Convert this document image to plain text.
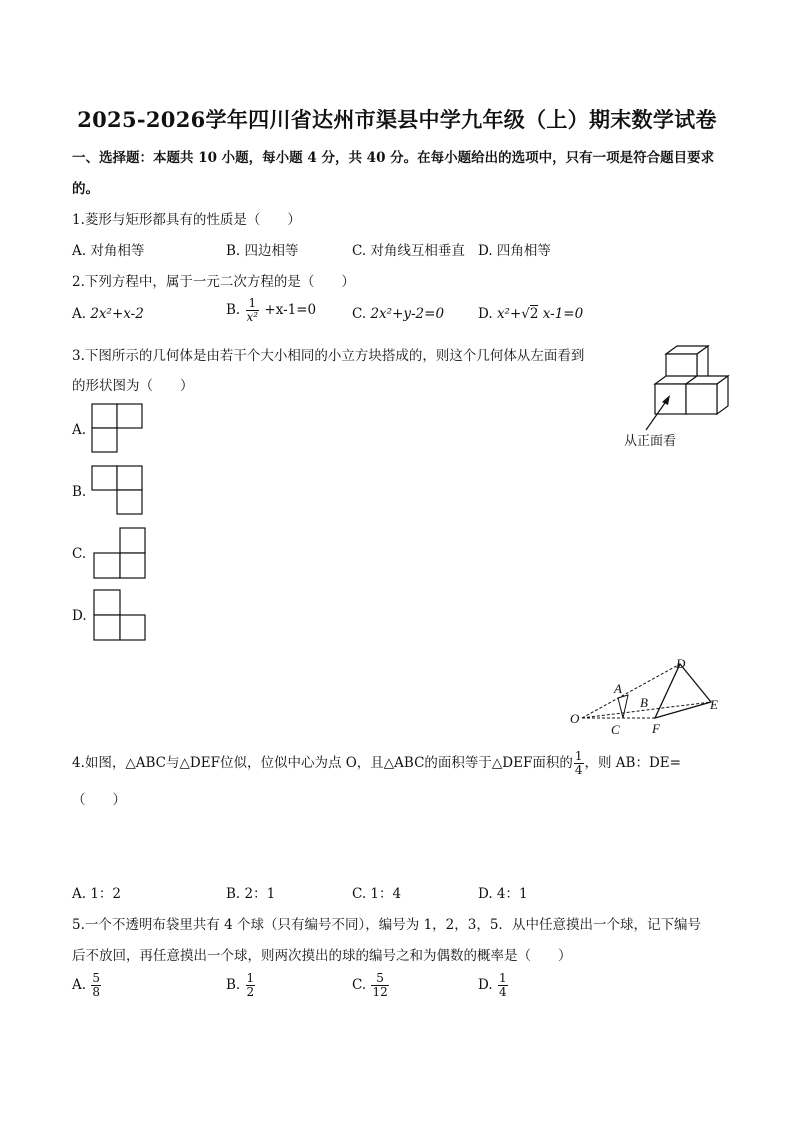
2025-2026学年四川省达州市渠县中学九年级（上）期末数学试卷
一、选择题：本题共 10 小题，每小题 4 分，共 40 分。在每小题给出的选项中，只有一项是符合题目要求
的。
1.菱形与矩形都具有的性质是（　　）
A. 对角相等	B. 四边相等	C. 对角线互相垂直 D. 四角相等
2.下列方程中，属于一元二次方程的是（　　）
A. 2x²+x-2	B. $\frac{1}{\text{x²}} +x-1=0$	C. 2x²+y-2=0	D. x²+√2 x-1=0
3.下图所示的几何体是由若干个大小相同的小立方块搭成的，则这个几何体从左面看到
的形状图为（　　）
从正面看
A.
B.
C.
D.
O
A
B
C
D
E
F
4.如图，△ABC与△DEF位似，位似中心为点 O，且△ABC的面积等于△DEF面积的 $\frac{1}{4}$ ，则 AB：DE=
（　　）
A. 1：2	B. 2：1	C. 1：4	D. 4：1
5.一个不透明布袋里共有 4 个球（只有编号不同），编号为 1，2，3，5．从中任意摸出一个球，记下编号
后不放回，再任意摸出一个球，则两次摸出的球的编号之和为偶数的概率是（　　）
A. $\frac{5}{8}$	B. $\frac{1}{2}$	C. $\frac{5}{12}$	D. $\frac{1}{4}$
